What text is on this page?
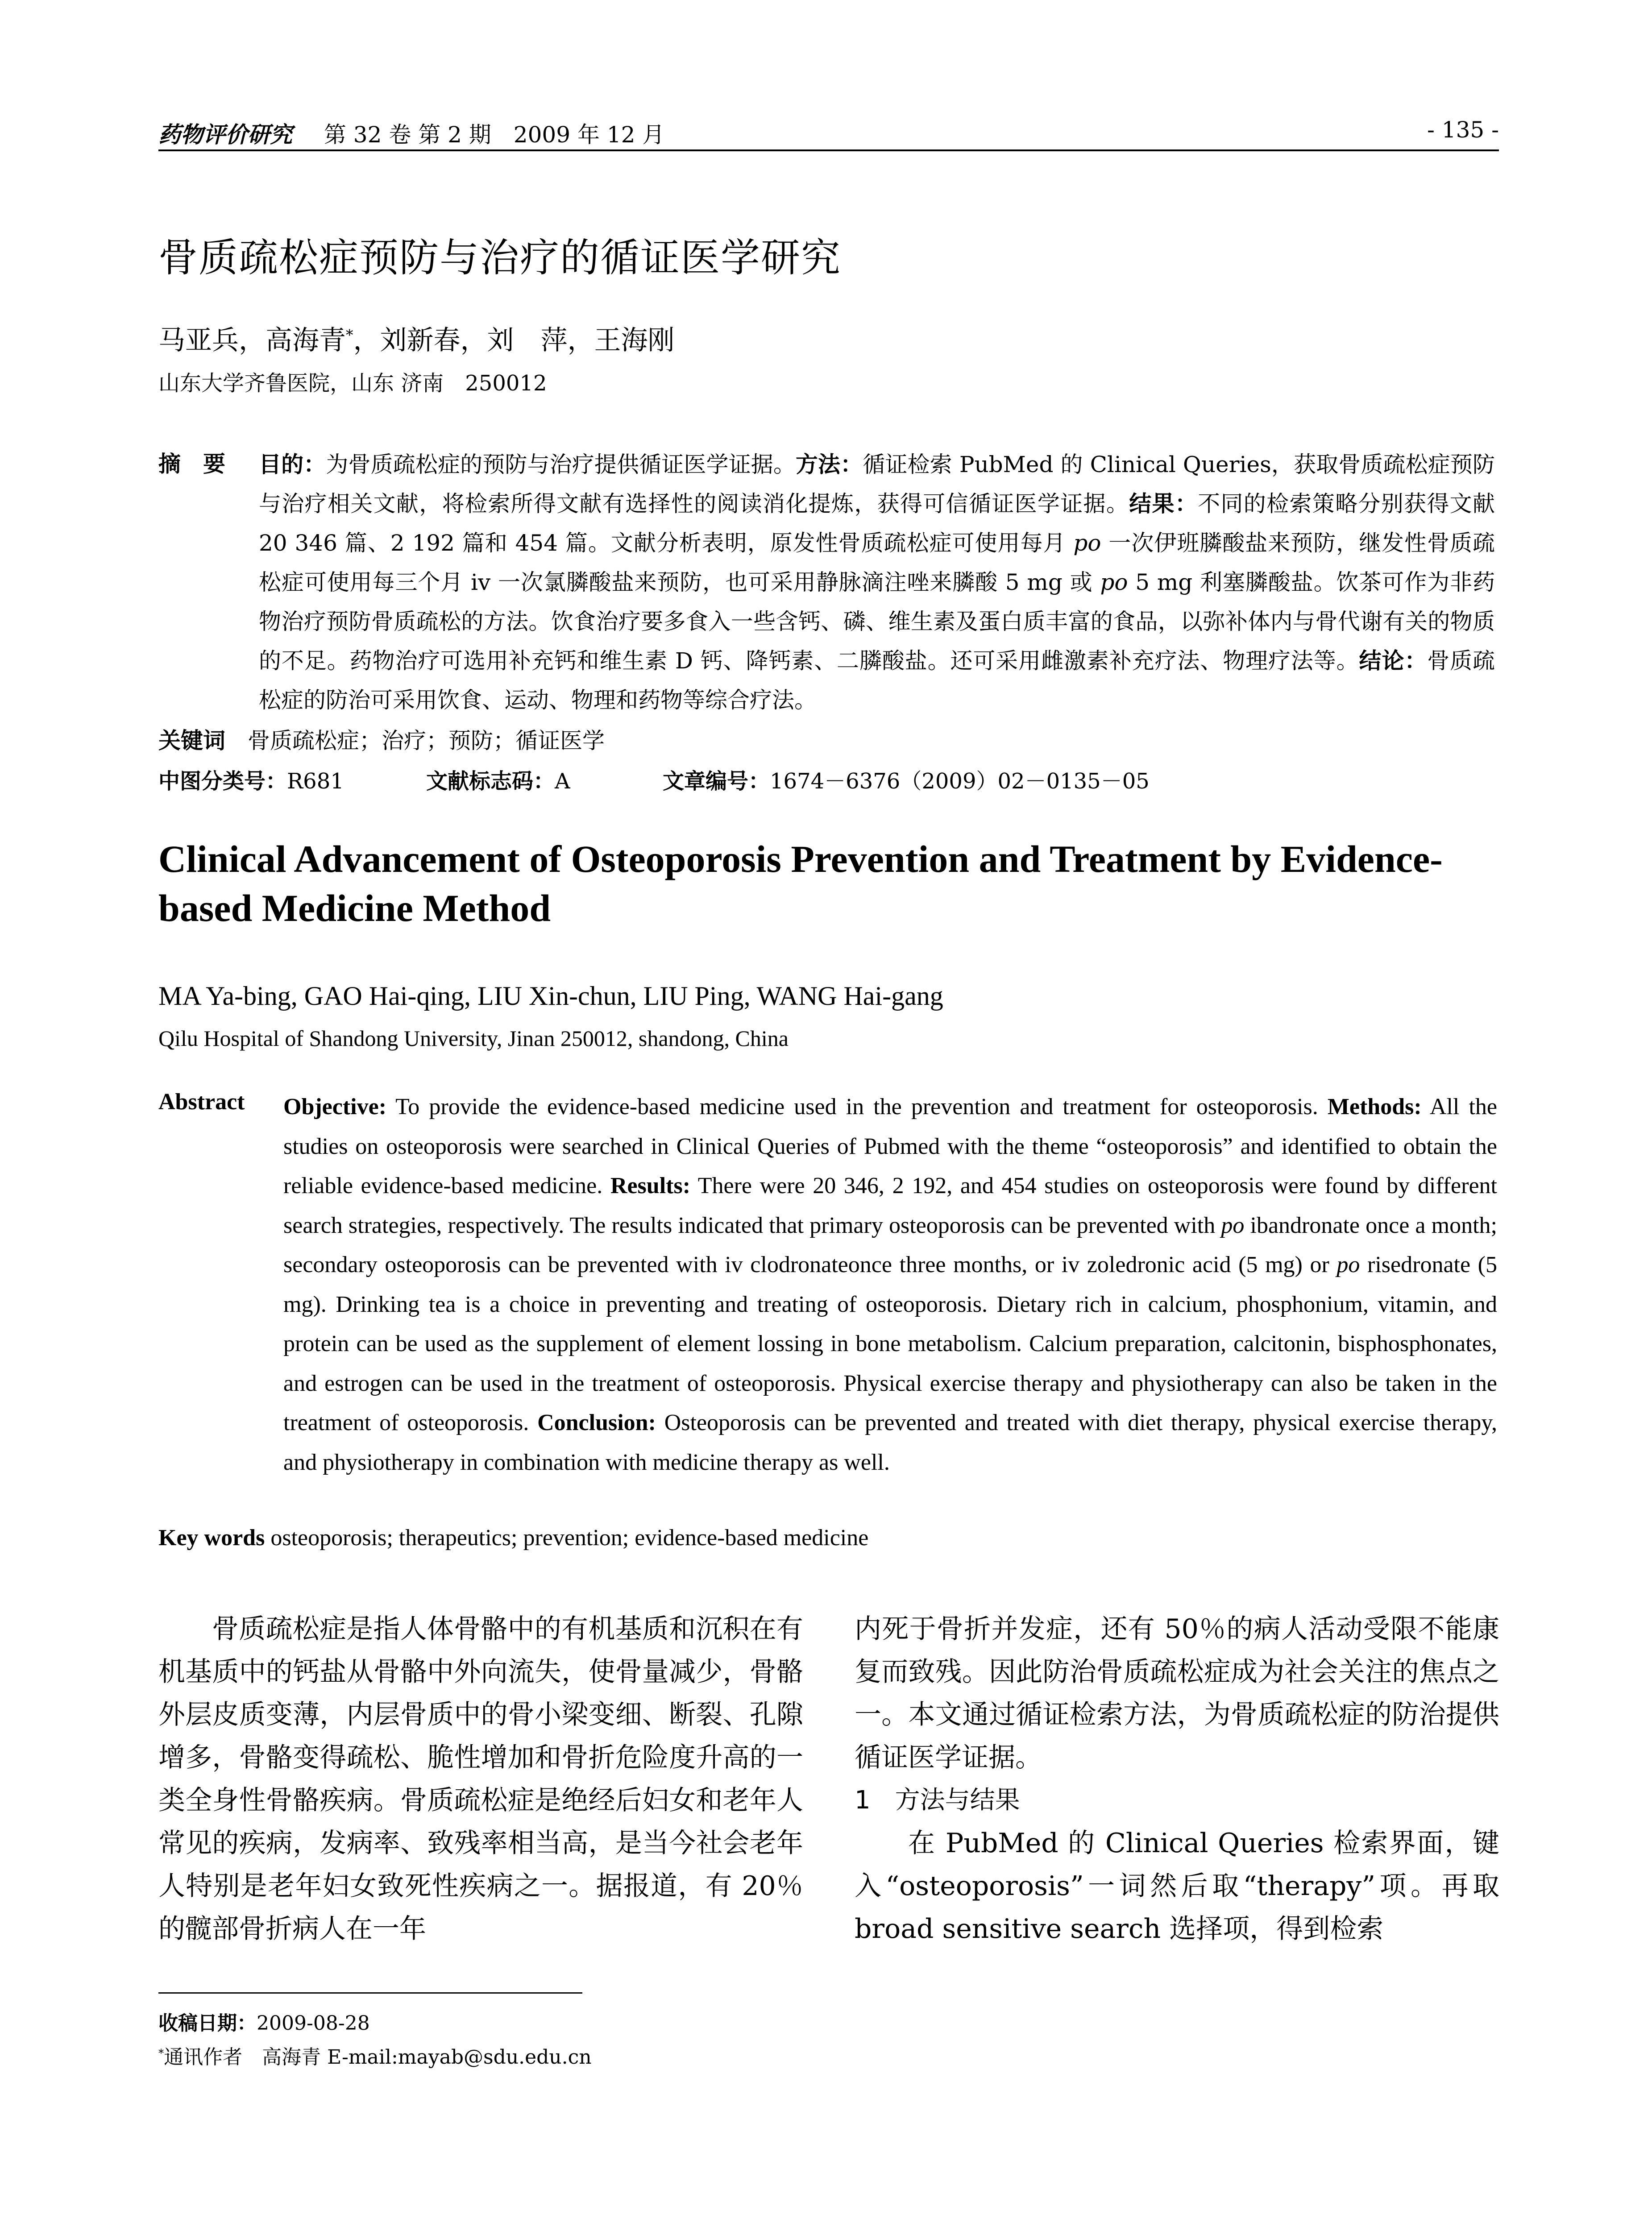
药物评价研究 第 32 卷 第 2 期　2009 年 12 月	- 135 -
骨质疏松症预防与治疗的循证医学研究
马亚兵，高海青*，刘新春，刘　萍，王海刚
山东大学齐鲁医院，山东 济南　250012
摘　要 目的：为骨质疏松症的预防与治疗提供循证医学证据。方法：循证检索 PubMed 的 Clinical Queries，获取骨质疏松症预防与治疗相关文献，将检索所得文献有选择性的阅读消化提炼，获得可信循证医学证据。结果：不同的检索策略分别获得文献 20 346 篇、2 192 篇和 454 篇。文献分析表明，原发性骨质疏松症可使用每月 po 一次伊班膦酸盐来预防，继发性骨质疏松症可使用每三个月 iv 一次氯膦酸盐来预防，也可采用静脉滴注唑来膦酸 5 mg 或 po 5 mg 利塞膦酸盐。饮茶可作为非药物治疗预防骨质疏松的方法。饮食治疗要多食入一些含钙、磷、维生素及蛋白质丰富的食品，以弥补体内与骨代谢有关的物质的不足。药物治疗可选用补充钙和维生素 D 钙、降钙素、二膦酸盐。还可采用雌激素补充疗法、物理疗法等。结论：骨质疏松症的防治可采用饮食、运动、物理和药物等综合疗法。
关键词  骨质疏松症；治疗；预防；循证医学
中图分类号：R681	文献标志码：A	文章编号：1674－6376（2009）02－0135－05
Clinical Advancement of Osteoporosis Prevention and Treatment by Evidence-based Medicine Method
MA Ya-bing, GAO Hai-qing, LIU Xin-chun, LIU Ping, WANG Hai-gang
Qilu Hospital of Shandong University, Jinan 250012, shandong, China
Abstract Objective: To provide the evidence-based medicine used in the prevention and treatment for osteoporosis. Methods: All the studies on osteoporosis were searched in Clinical Queries of Pubmed with the theme “osteoporosis” and identified to obtain the reliable evidence-based medicine. Results: There were 20 346, 2 192, and 454 studies on osteoporosis were found by different search strategies, respectively. The results indicated that primary osteoporosis can be prevented with po ibandronate once a month; secondary osteoporosis can be prevented with iv clodronateonce three months, or iv zoledronic acid (5 mg) or po risedronate (5 mg). Drinking tea is a choice in preventing and treating of osteoporosis. Dietary rich in calcium, phosphonium, vitamin, and protein can be used as the supplement of element lossing in bone metabolism. Calcium preparation, calcitonin, bisphosphonates, and estrogen can be used in the treatment of osteoporosis. Physical exercise therapy and physiotherapy can also be taken in the treatment of osteoporosis. Conclusion: Osteoporosis can be prevented and treated with diet therapy, physical exercise therapy, and physiotherapy in combination with medicine therapy as well.
Key words osteoporosis; therapeutics; prevention; evidence-based medicine

骨质疏松症是指人体骨骼中的有机基质和沉积在有机基质中的钙盐从骨骼中外向流失，使骨量减少，骨骼外层皮质变薄，内层骨质中的骨小梁变细、断裂、孔隙增多，骨骼变得疏松、脆性增加和骨折危险度升高的一类全身性骨骼疾病。骨质疏松症是绝经后妇女和老年人常见的疾病，发病率、致残率相当高，是当今社会老年人特别是老年妇女致死性疾病之一。据报道，有 20％的髋部骨折病人在一年

内死于骨折并发症，还有 50％的病人活动受限不能康复而致残。因此防治骨质疏松症成为社会关注的焦点之一。本文通过循证检索方法，为骨质疏松症的防治提供循证医学证据。

1 方法与结果

在 PubMed 的 Clinical Queries 检索界面，键入“osteoporosis”一词然后取“therapy”项。再取 broad sensitive search 选择项，得到检索

收稿日期：2009-08-28
*通讯作者　高海青 E-mail:mayab@sdu.edu.cn
